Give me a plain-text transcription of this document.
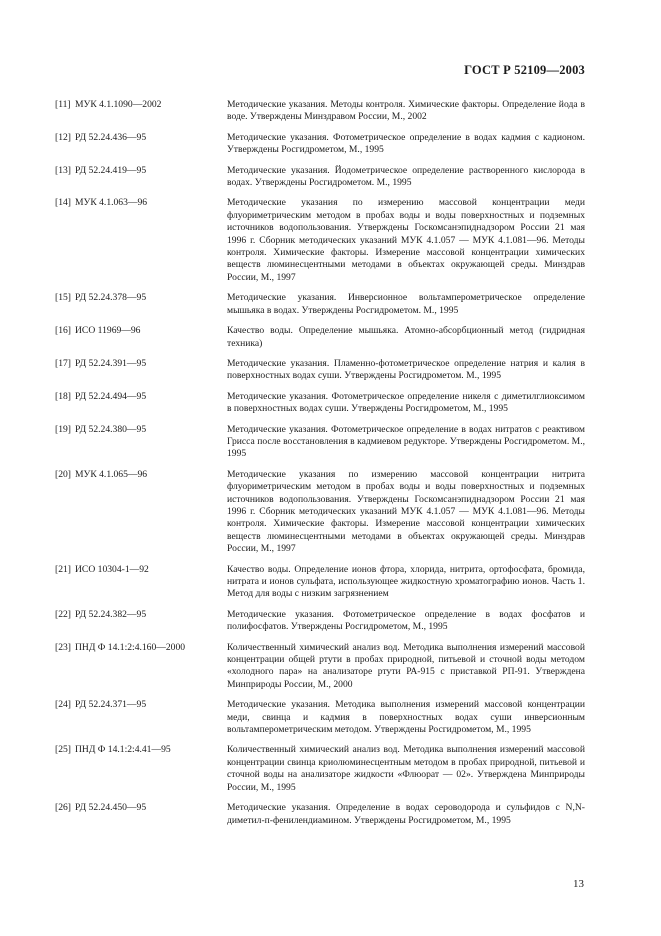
ГОСТ Р 52109—2003
[11] МУК 4.1.1090—2002	Методические указания. Методы контроля. Химические факторы. Определение йода в воде. Утверждены Минздравом России, М., 2002
[12] РД 52.24.436—95	Методические указания. Фотометрическое определение в водах кадмия с кадионом. Утверждены Росгидрометом, М., 1995
[13] РД 52.24.419—95	Методические указания. Йодометрическое определение растворенного кислорода в водах. Утверждены Росгидрометом. М., 1995
[14] МУК 4.1.063—96	Методические указания по измерению массовой концентрации меди флуориметрическим методом в пробах воды и воды поверхностных и подземных источников водопользования. Утверждены Госкомсанэпиднадзором России 21 мая 1996 г. Сборник методических указаний МУК 4.1.057 — МУК 4.1.081—96. Методы контроля. Химические факторы. Измерение массовой концентрации химических веществ люминесцентными методами в объектах окружающей среды. Минздрав России, М., 1997
[15] РД 52.24.378—95	Методические указания. Инверсионное вольтамперометрическое определение мышьяка в водах. Утверждены Росгидрометом. М., 1995
[16] ИСО 11969—96	Качество воды. Определение мышьяка. Атомно-абсорбционный метод (гидридная техника)
[17] РД 52.24.391—95	Методические указания. Пламенно-фотометрическое определение натрия и калия в поверхностных водах суши. Утверждены Росгидрометом. М., 1995
[18] РД 52.24.494—95	Методические указания. Фотометрическое определение никеля с диметилглиоксимом в поверхностных водах суши. Утверждены Росгидрометом, М., 1995
[19] РД 52.24.380—95	Методические указания. Фотометрическое определение в водах нитратов с реактивом Грисса после восстановления в кадмиевом редукторе. Утверждены Росгидрометом. М., 1995
[20] МУК 4.1.065—96	Методические указания по измерению массовой концентрации нитрита флуориметрическим методом в пробах воды и воды поверхностных и подземных источников водопользования. Утверждены Госкомсанэпиднадзором России 21 мая 1996 г. Сборник методических указаний МУК 4.1.057 — МУК 4.1.081—96. Методы контроля. Химические факторы. Измерение массовой концентрации химических веществ люминесцентными методами в объектах окружающей среды. Минздрав России, М., 1997
[21] ИСО 10304-1—92	Качество воды. Определение ионов фтора, хлорида, нитрита, ортофосфата, бромида, нитрата и ионов сульфата, использующее жидкостную хроматографию ионов. Часть 1. Метод для воды с низким загрязнением
[22] РД 52.24.382—95	Методические указания. Фотометрическое определение в водах фосфатов и полифосфатов. Утверждены Росгидрометом, М., 1995
[23] ПНД Ф 14.1:2:4.160—2000	Количественный химический анализ вод. Методика выполнения измерений массовой концентрации общей ртути в пробах природной, питьевой и сточной воды методом «холодного пара» на анализаторе ртути РА-915 с приставкой РП-91. Утверждена Минприроды России, М., 2000
[24] РД 52.24.371—95	Методические указания. Методика выполнения измерений массовой концентрации меди, свинца и кадмия в поверхностных водах суши инверсионным вольтамперометрическим методом. Утверждены Росгидрометом, М., 1995
[25] ПНД Ф 14.1:2:4.41—95	Количественный химический анализ вод. Методика выполнения измерений массовой концентрации свинца криолюминесцентным методом в пробах природной, питьевой и сточной воды на анализаторе жидкости «Флюорат — 02». Утверждена Минприроды России, М., 1995
[26] РД 52.24.450—95	Методические указания. Определение в водах сероводорода и сульфидов с N,N-диметил-п-фенилендиамином. Утверждены Росгидрометом, М., 1995
13
